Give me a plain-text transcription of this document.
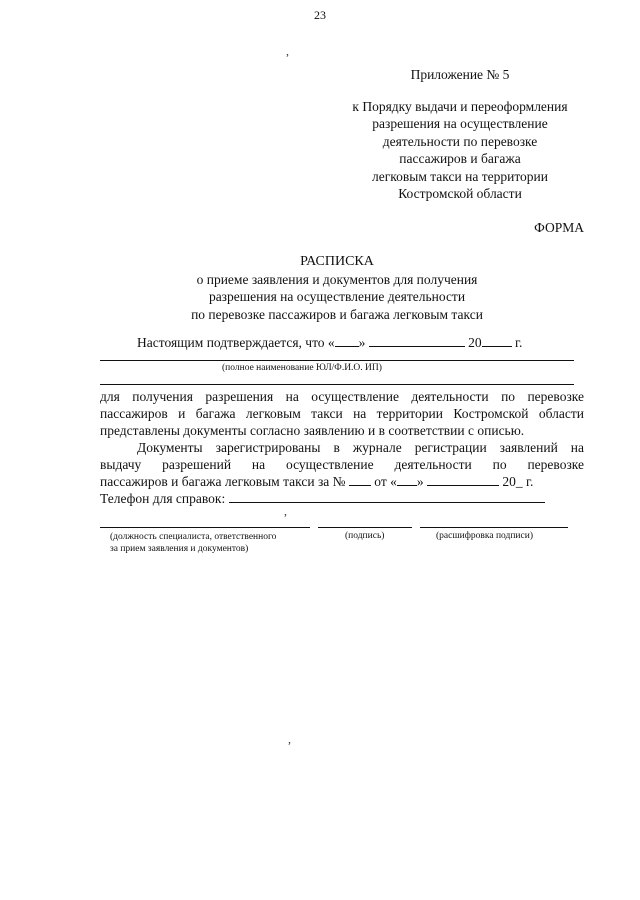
23
,
Приложение № 5
к Порядку выдачи и переоформления
разрешения на осуществление
деятельности по перевозке
пассажиров и багажа
легковым такси на территории
Костромской области
ФОРМА
РАСПИСКА
о приеме заявления и документов для получения
разрешения на осуществление деятельности
по перевозке пассажиров и багажа легковым такси
Настоящим подтверждается, что « »	20 г.
(полное наименование ЮЛ/Ф.И.О. ИП)
для получения разрешения на осуществление деятельности по перевозке
пассажиров и багажа легковым такси на территории Костромской области
представлены документы согласно заявлению и в соответствии с описью.
Документы зарегистрированы в журнале регистрации заявлений на
выдачу разрешений на осуществление деятельности по перевозке
пассажиров и багажа легковым такси за № от « »	20_ г.
Телефон для справок:
,
(должность специалиста, ответственного
за прием заявления и документов)
(подпись)	(расшифровка подписи)
,
